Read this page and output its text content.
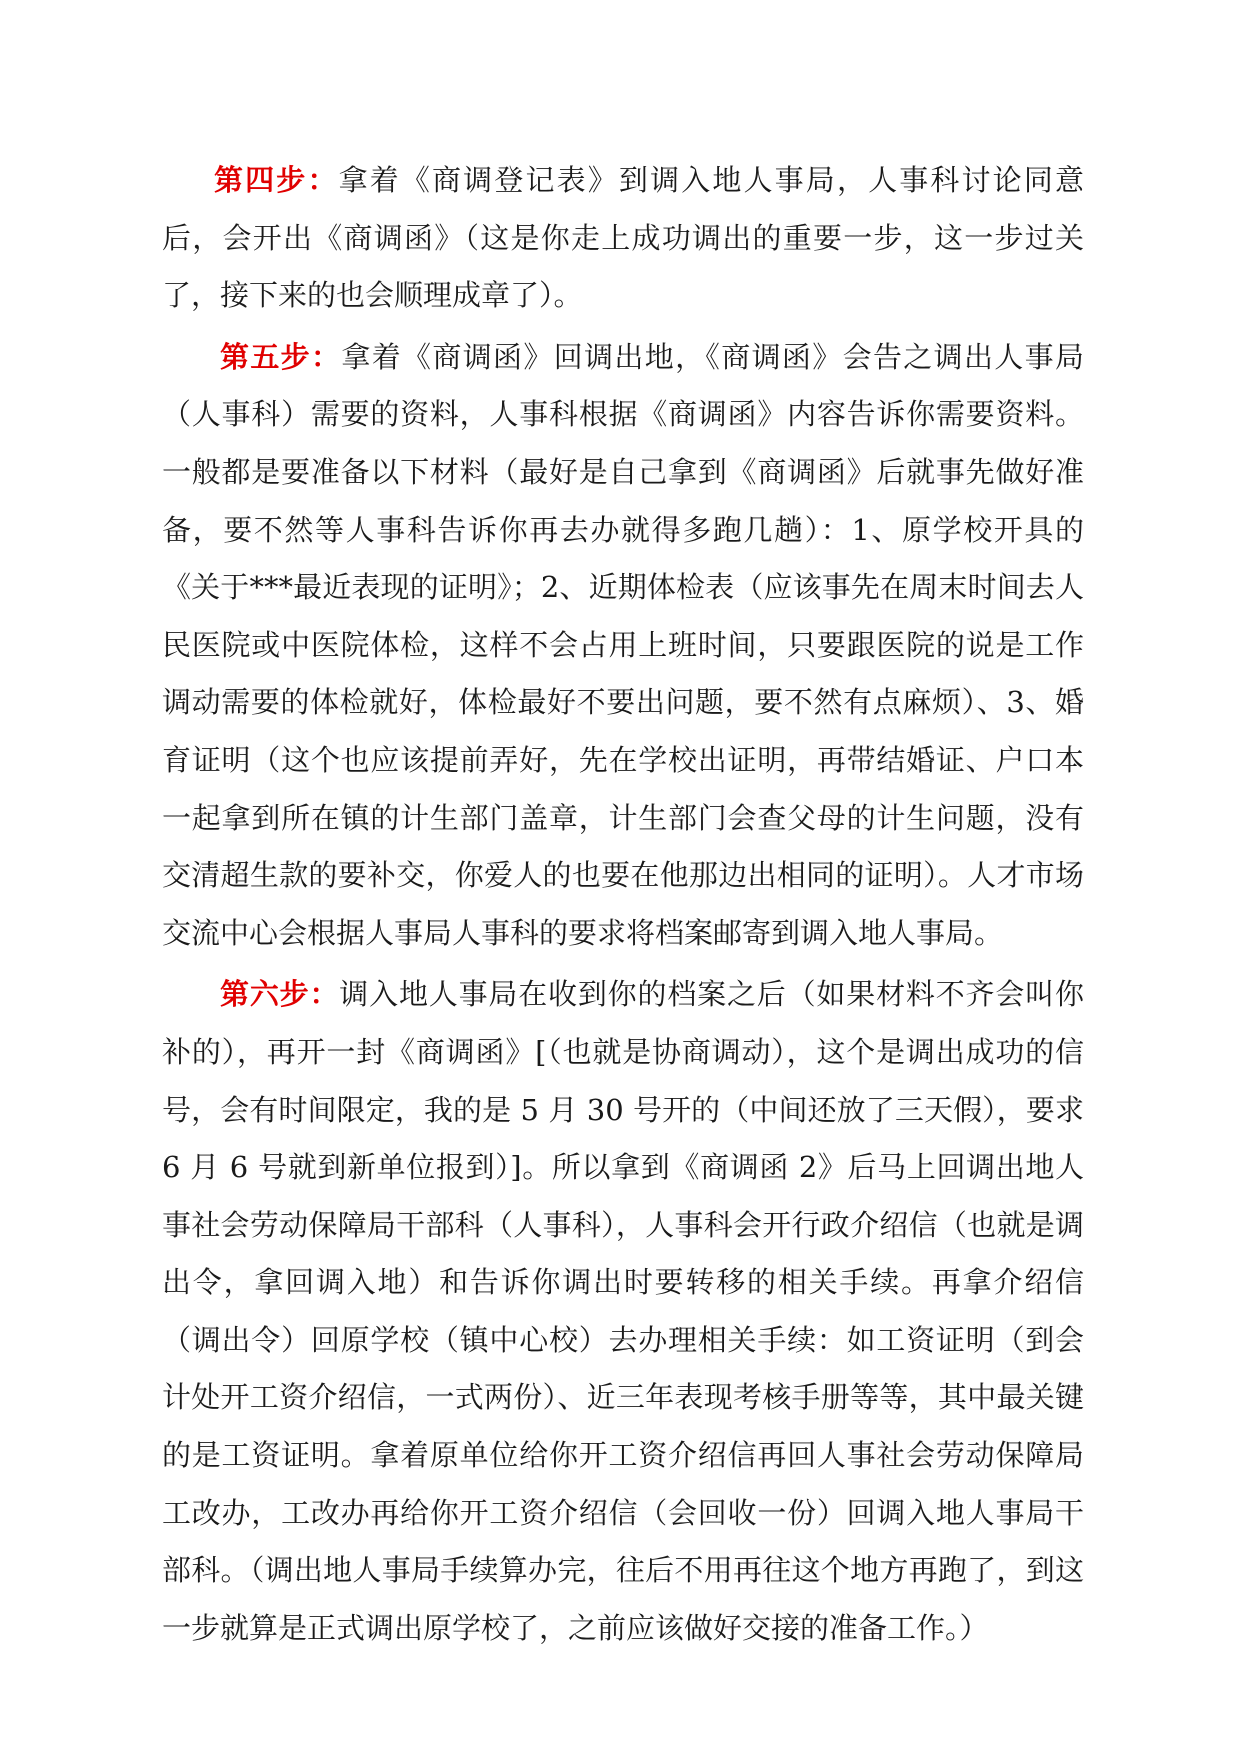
第四步：拿着《商调登记表》到调入地人事局，人事科讨论同意后，会开出《商调函》（这是你走上成功调出的重要一步，这一步过关了，接下来的也会顺理成章了）。

第五步：拿着《商调函》回调出地，《商调函》会告之调出人事局（人事科）需要的资料，人事科根据《商调函》内容告诉你需要资料。一般都是要准备以下材料（最好是自己拿到《商调函》后就事先做好准备，要不然等人事科告诉你再去办就得多跑几趟）：1、原学校开具的《关于***最近表现的证明》；2、近期体检表（应该事先在周末时间去人民医院或中医院体检，这样不会占用上班时间，只要跟医院的说是工作调动需要的体检就好，体检最好不要出问题，要不然有点麻烦）、3、婚育证明（这个也应该提前弄好，先在学校出证明，再带结婚证、户口本一起拿到所在镇的计生部门盖章，计生部门会查父母的计生问题，没有交清超生款的要补交，你爱人的也要在他那边出相同的证明）。人才市场交流中心会根据人事局人事科的要求将档案邮寄到调入地人事局。

第六步：调入地人事局在收到你的档案之后（如果材料不齐会叫你补的），再开一封《商调函》[（也就是协商调动），这个是调出成功的信号，会有时间限定，我的是 5 月 30 号开的（中间还放了三天假），要求 6 月 6 号就到新单位报到）]。所以拿到《商调函 2》后马上回调出地人事社会劳动保障局干部科（人事科），人事科会开行政介绍信（也就是调出令，拿回调入地）和告诉你调出时要转移的相关手续。再拿介绍信（调出令）回原学校（镇中心校）去办理相关手续：如工资证明（到会计处开工资介绍信，一式两份）、近三年表现考核手册等等，其中最关键的是工资证明。拿着原单位给你开工资介绍信再回人事社会劳动保障局工改办，工改办再给你开工资介绍信（会回收一份）回调入地人事局干部科。（调出地人事局手续算办完，往后不用再往这个地方再跑了，到这一步就算是正式调出原学校了，之前应该做好交接的准备工作。）
